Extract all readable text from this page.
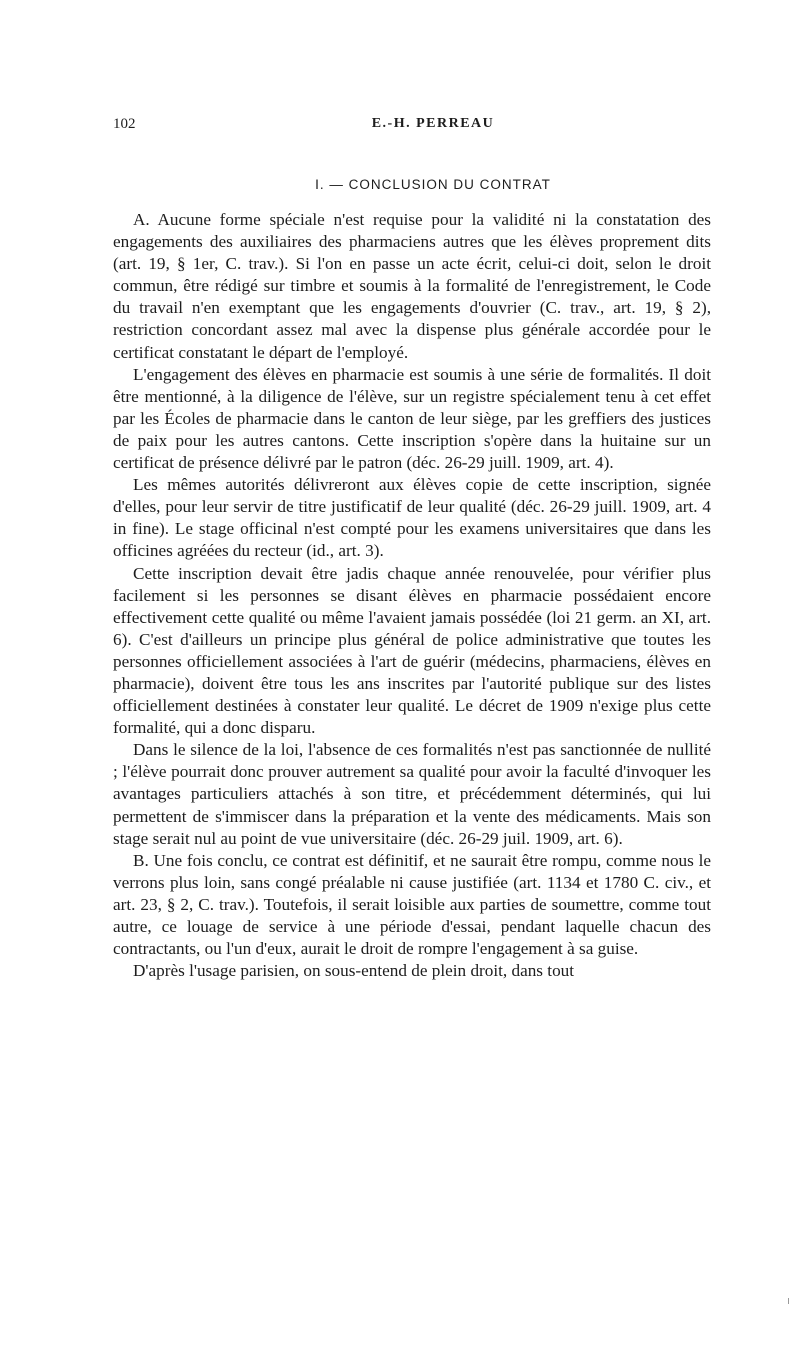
102	E.-H. PERREAU
I. — CONCLUSION DU CONTRAT

A. Aucune forme spéciale n'est requise pour la validité ni la constatation des engagements des auxiliaires des pharmaciens autres que les élèves proprement dits (art. 19, § 1er, C. trav.). Si l'on en passe un acte écrit, celui-ci doit, selon le droit commun, être rédigé sur timbre et soumis à la formalité de l'enregistrement, le Code du travail n'en exemptant que les engagements d'ouvrier (C. trav., art. 19, § 2), restriction concordant assez mal avec la dispense plus générale accordée pour le certificat constatant le départ de l'employé.

L'engagement des élèves en pharmacie est soumis à une série de formalités. Il doit être mentionné, à la diligence de l'élève, sur un registre spécialement tenu à cet effet par les Écoles de pharmacie dans le canton de leur siège, par les greffiers des justices de paix pour les autres cantons. Cette inscription s'opère dans la huitaine sur un certificat de présence délivré par le patron (déc. 26-29 juill. 1909, art. 4).

Les mêmes autorités délivreront aux élèves copie de cette inscription, signée d'elles, pour leur servir de titre justificatif de leur qualité (déc. 26-29 juill. 1909, art. 4 in fine). Le stage officinal n'est compté pour les examens universitaires que dans les officines agréées du recteur (id., art. 3).

Cette inscription devait être jadis chaque année renouvelée, pour vérifier plus facilement si les personnes se disant élèves en pharmacie possédaient encore effectivement cette qualité ou même l'avaient jamais possédée (loi 21 germ. an XI, art. 6). C'est d'ailleurs un principe plus général de police administrative que toutes les personnes officiellement associées à l'art de guérir (médecins, pharmaciens, élèves en pharmacie), doivent être tous les ans inscrites par l'autorité publique sur des listes officiellement destinées à constater leur qualité. Le décret de 1909 n'exige plus cette formalité, qui a donc disparu.

Dans le silence de la loi, l'absence de ces formalités n'est pas sanctionnée de nullité ; l'élève pourrait donc prouver autrement sa qualité pour avoir la faculté d'invoquer les avantages particuliers attachés à son titre, et précédemment déterminés, qui lui permettent de s'immiscer dans la préparation et la vente des médicaments. Mais son stage serait nul au point de vue universitaire (déc. 26-29 juil. 1909, art. 6).

B. Une fois conclu, ce contrat est définitif, et ne saurait être rompu, comme nous le verrons plus loin, sans congé préalable ni cause justifiée (art. 1134 et 1780 C. civ., et art. 23, § 2, C. trav.). Toutefois, il serait loisible aux parties de soumettre, comme tout autre, ce louage de service à une période d'essai, pendant laquelle chacun des contractants, ou l'un d'eux, aurait le droit de rompre l'engagement à sa guise.

D'après l'usage parisien, on sous-entend de plein droit, dans tout
